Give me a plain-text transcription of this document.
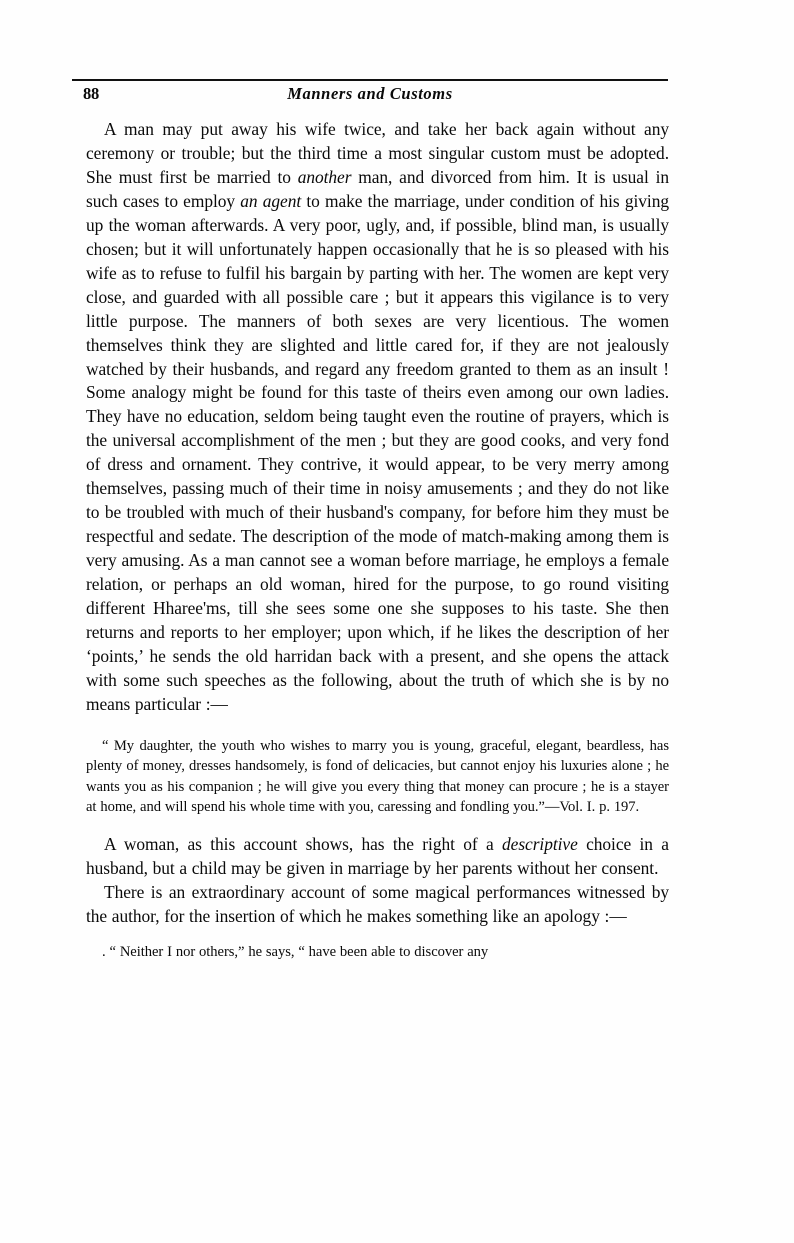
88	Manners and Customs

A man may put away his wife twice, and take her back again without any ceremony or trouble; but the third time a most singular custom must be adopted. She must first be married to another man, and divorced from him. It is usual in such cases to employ an agent to make the marriage, under condition of his giving up the woman afterwards. A very poor, ugly, and, if possible, blind man, is usually chosen; but it will unfortunately happen occasionally that he is so pleased with his wife as to refuse to fulfil his bargain by parting with her. The women are kept very close, and guarded with all possible care ; but it appears this vigilance is to very little purpose. The manners of both sexes are very licentious. The women themselves think they are slighted and little cared for, if they are not jealously watched by their husbands, and regard any freedom granted to them as an insult ! Some analogy might be found for this taste of theirs even among our own ladies. They have no education, seldom being taught even the routine of prayers, which is the universal accomplishment of the men ; but they are good cooks, and very fond of dress and ornament. They contrive, it would appear, to be very merry among themselves, passing much of their time in noisy amusements ; and they do not like to be troubled with much of their husband's company, for before him they must be respectful and sedate. The description of the mode of match-making among them is very amusing. As a man cannot see a woman before marriage, he employs a female relation, or perhaps an old woman, hired for the purpose, to go round visiting different Hharee'ms, till she sees some one she supposes to his taste. She then returns and reports to her employer; upon which, if he likes the description of her ‘points,’ he sends the old harridan back with a present, and she opens the attack with some such speeches as the following, about the truth of which she is by no means particular :—

“ My daughter, the youth who wishes to marry you is young, graceful, elegant, beardless, has plenty of money, dresses handsomely, is fond of delicacies, but cannot enjoy his luxuries alone ; he wants you as his companion ; he will give you every thing that money can procure ; he is a stayer at home, and will spend his whole time with you, caressing and fondling you.”—Vol. I. p. 197.

A woman, as this account shows, has the right of a descriptive choice in a husband, but a child may be given in marriage by her parents without her consent.

There is an extraordinary account of some magical performances witnessed by the author, for the insertion of which he makes something like an apology :—

. “ Neither I nor others,” he says, “ have been able to discover any
